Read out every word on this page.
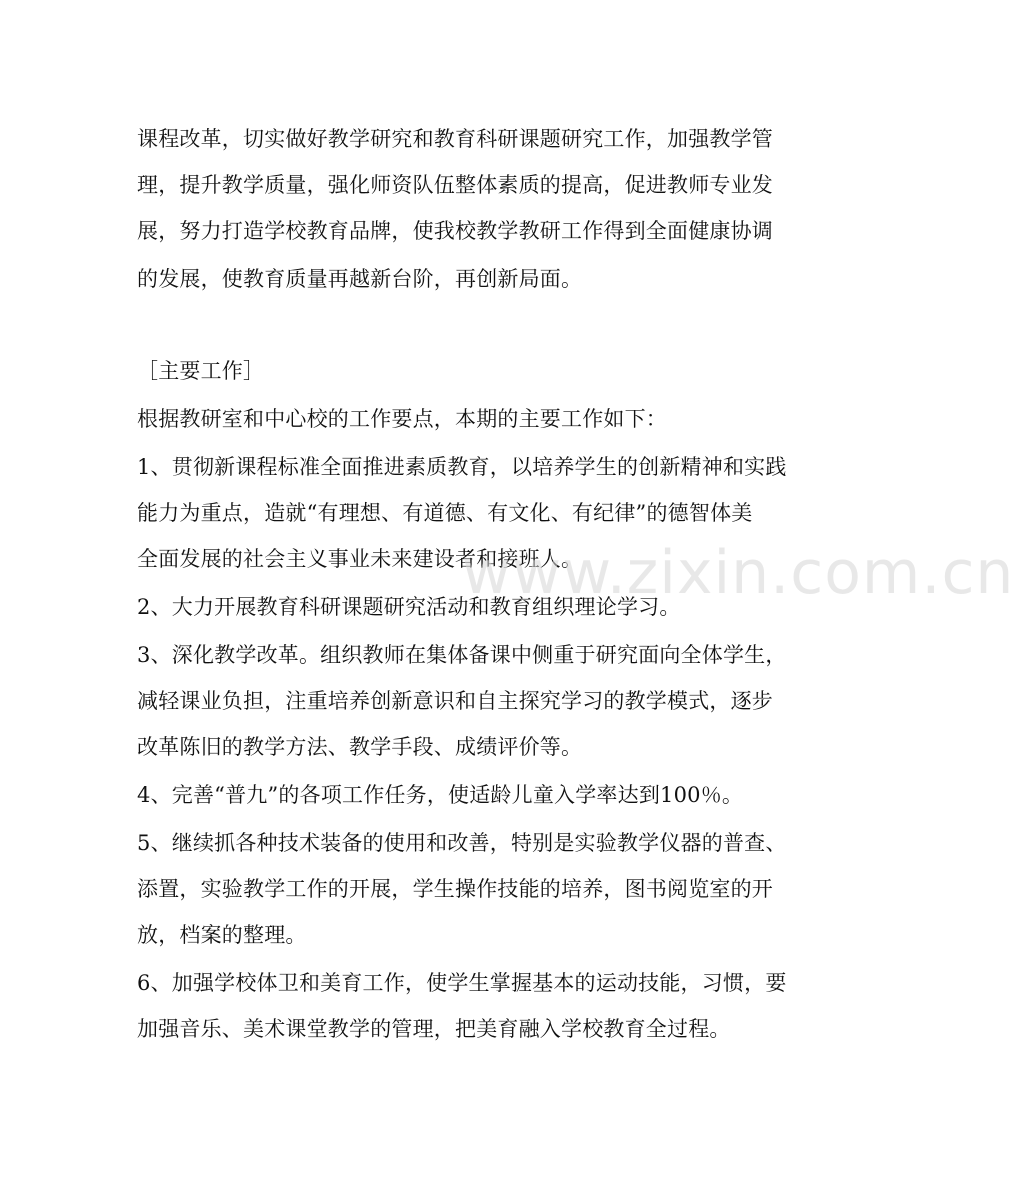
课程改革，切实做好教学研究和教育科研课题研究工作，加强教学管
理，提升教学质量，强化师资队伍整体素质的提高，促进教师专业发
展，努力打造学校教育品牌，使我校教学教研工作得到全面健康协调
的发展，使教育质量再越新台阶，再创新局面。
［主要工作］
根据教研室和中心校的工作要点，本期的主要工作如下：
1、贯彻新课程标准全面推进素质教育，以培养学生的创新精神和实践
能力为重点，造就“有理想、有道德、有文化、有纪律”的德智体美
全面发展的社会主义事业未来建设者和接班人。
2、大力开展教育科研课题研究活动和教育组织理论学习。
3、深化教学改革。组织教师在集体备课中侧重于研究面向全体学生，
减轻课业负担，注重培养创新意识和自主探究学习的教学模式，逐步
改革陈旧的教学方法、教学手段、成绩评价等。
4、完善“普九”的各项工作任务，使适龄儿童入学率达到100％。
5、继续抓各种技术装备的使用和改善，特别是实验教学仪器的普查、
添置，实验教学工作的开展，学生操作技能的培养，图书阅览室的开
放，档案的整理。
6、加强学校体卫和美育工作，使学生掌握基本的运动技能，习惯，要
加强音乐、美术课堂教学的管理，把美育融入学校教育全过程。
www.zixin.com.cn
